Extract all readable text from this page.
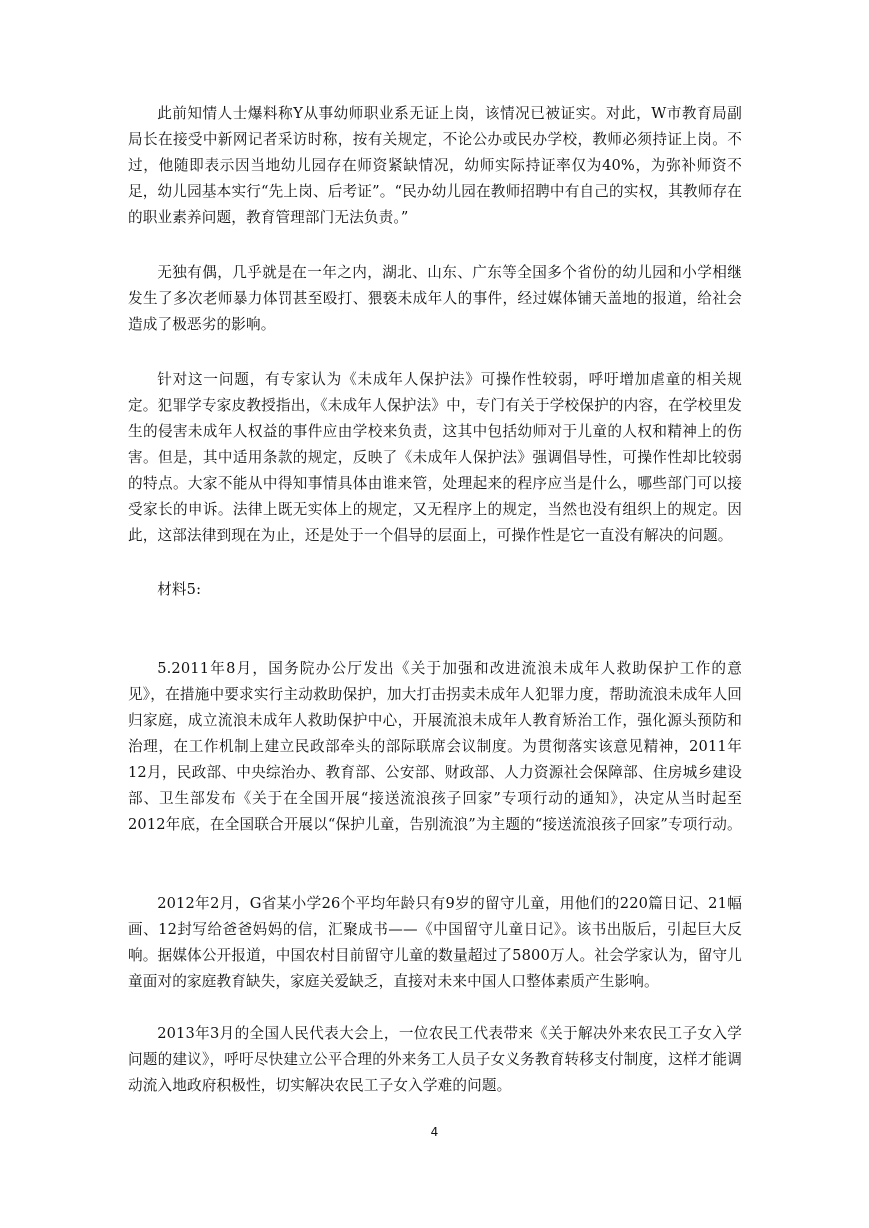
此前知情人士爆料称Y从事幼师职业系无证上岗，该情况已被证实。对此，W市教育局副局长在接受中新网记者采访时称，按有关规定，不论公办或民办学校，教师必须持证上岗。不过，他随即表示因当地幼儿园存在师资紧缺情况，幼师实际持证率仅为40%，为弥补师资不足，幼儿园基本实行“先上岗、后考证”。“民办幼儿园在教师招聘中有自己的实权，其教师存在的职业素养问题，教育管理部门无法负责。”

无独有偶，几乎就是在一年之内，湖北、山东、广东等全国多个省份的幼儿园和小学相继发生了多次老师暴力体罚甚至殴打、猥亵未成年人的事件，经过媒体铺天盖地的报道，给社会造成了极恶劣的影响。

针对这一问题，有专家认为《未成年人保护法》可操作性较弱，呼吁增加虐童的相关规定。犯罪学专家皮教授指出，《未成年人保护法》中，专门有关于学校保护的内容，在学校里发生的侵害未成年人权益的事件应由学校来负责，这其中包括幼师对于儿童的人权和精神上的伤害。但是，其中适用条款的规定，反映了《未成年人保护法》强调倡导性，可操作性却比较弱的特点。大家不能从中得知事情具体由谁来管，处理起来的程序应当是什么，哪些部门可以接受家长的申诉。法律上既无实体上的规定，又无程序上的规定，当然也没有组织上的规定。因此，这部法律到现在为止，还是处于一个倡导的层面上，可操作性是它一直没有解决的问题。

材料5:

5.2011年8月，国务院办公厅发出《关于加强和改进流浪未成年人救助保护工作的意见》，在措施中要求实行主动救助保护，加大打击拐卖未成年人犯罪力度，帮助流浪未成年人回归家庭，成立流浪未成年人救助保护中心，开展流浪未成年人教育矫治工作，强化源头预防和治理，在工作机制上建立民政部牵头的部际联席会议制度。为贯彻落实该意见精神，2011年12月，民政部、中央综治办、教育部、公安部、财政部、人力资源社会保障部、住房城乡建设部、卫生部发布《关于在全国开展“接送流浪孩子回家”专项行动的通知》，决定从当时起至2012年底，在全国联合开展以“保护儿童，告别流浪”为主题的“接送流浪孩子回家”专项行动。

2012年2月，G省某小学26个平均年龄只有9岁的留守儿童，用他们的220篇日记、21幅画、12封写给爸爸妈妈的信，汇聚成书——《中国留守儿童日记》。该书出版后，引起巨大反响。据媒体公开报道，中国农村目前留守儿童的数量超过了5800万人。社会学家认为，留守儿童面对的家庭教育缺失，家庭关爱缺乏，直接对未来中国人口整体素质产生影响。

2013年3月的全国人民代表大会上，一位农民工代表带来《关于解决外来农民工子女入学问题的建议》，呼吁尽快建立公平合理的外来务工人员子女义务教育转移支付制度，这样才能调动流入地政府积极性，切实解决农民工子女入学难的问题。

4
